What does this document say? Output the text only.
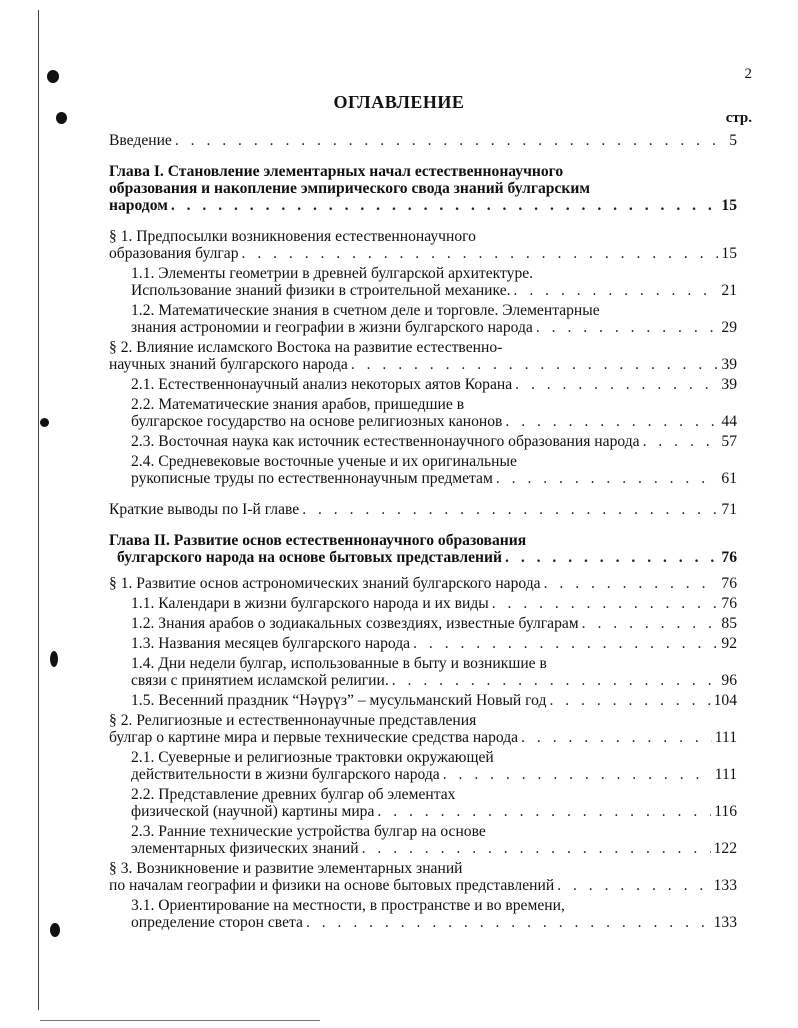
2
ОГЛАВЛЕНИЕ
стр.
Введение . . .	5
Глава I. Становление элементарных начал естественнонаучного
образования и накопление эмпирического свода знаний булгарским
народом . . .	15
§ 1. Предпосылки возникновения естественнонаучного
образования булгар . . .	15
1.1. Элементы геометрии в древней булгарской архитектуре.
Использование знаний физики в строительной механике. . . .	21
1.2. Математические знания в счетном деле и торговле. Элементарные
знания астрономии и географии в жизни булгарского народа . . .	29
§ 2. Влияние исламского Востока на развитие естественно-
научных знаний булгарского народа . . .	39
2.1. Естественнонаучный анализ некоторых аятов Корана . . .	39
2.2. Математические знания арабов, пришедшие в
булгарское государство на основе религиозных канонов . . .	44
2.3. Восточная наука как источник естественнонаучного образования народа . . .	57
2.4. Средневековые восточные ученые и их оригинальные
рукописные труды по естественнонаучным предметам . . .	61
Краткие выводы по I-й главе . . .	71
Глава II. Развитие основ естественнонаучного образования
булгарского народа на основе бытовых представлений . . .	76
§ 1. Развитие основ астрономических знаний булгарского народа . . .	76
1.1. Календари в жизни булгарского народа и их виды . . .	76
1.2. Знания арабов о зодиакальных созвездиях, известные булгарам . . .	85
1.3. Названия месяцев булгарского народа . . .	92
1.4. Дни недели булгар, использованные в быту и возникшие в
связи с принятием исламской религии. . . .	96
1.5. Весенний праздник “Нәүрүз” – мусульманский Новый год . . .	104
§ 2. Религиозные и естественнонаучные представления
булгар о картине мира и первые технические средства народа . . .	111
2.1. Суеверные и религиозные трактовки окружающей
действительности в жизни булгарского народа . . .	111
2.2. Представление древних булгар об элементах
физической (научной) картины мира . . .	116
2.3. Ранние технические устройства булгар на основе
элементарных физических знаний . . .	122
§ 3. Возникновение и развитие элементарных знаний
по началам географии и физики на основе бытовых представлений . . .	133
3.1. Ориентирование на местности, в пространстве и во времени,
определение сторон света . . .	133
